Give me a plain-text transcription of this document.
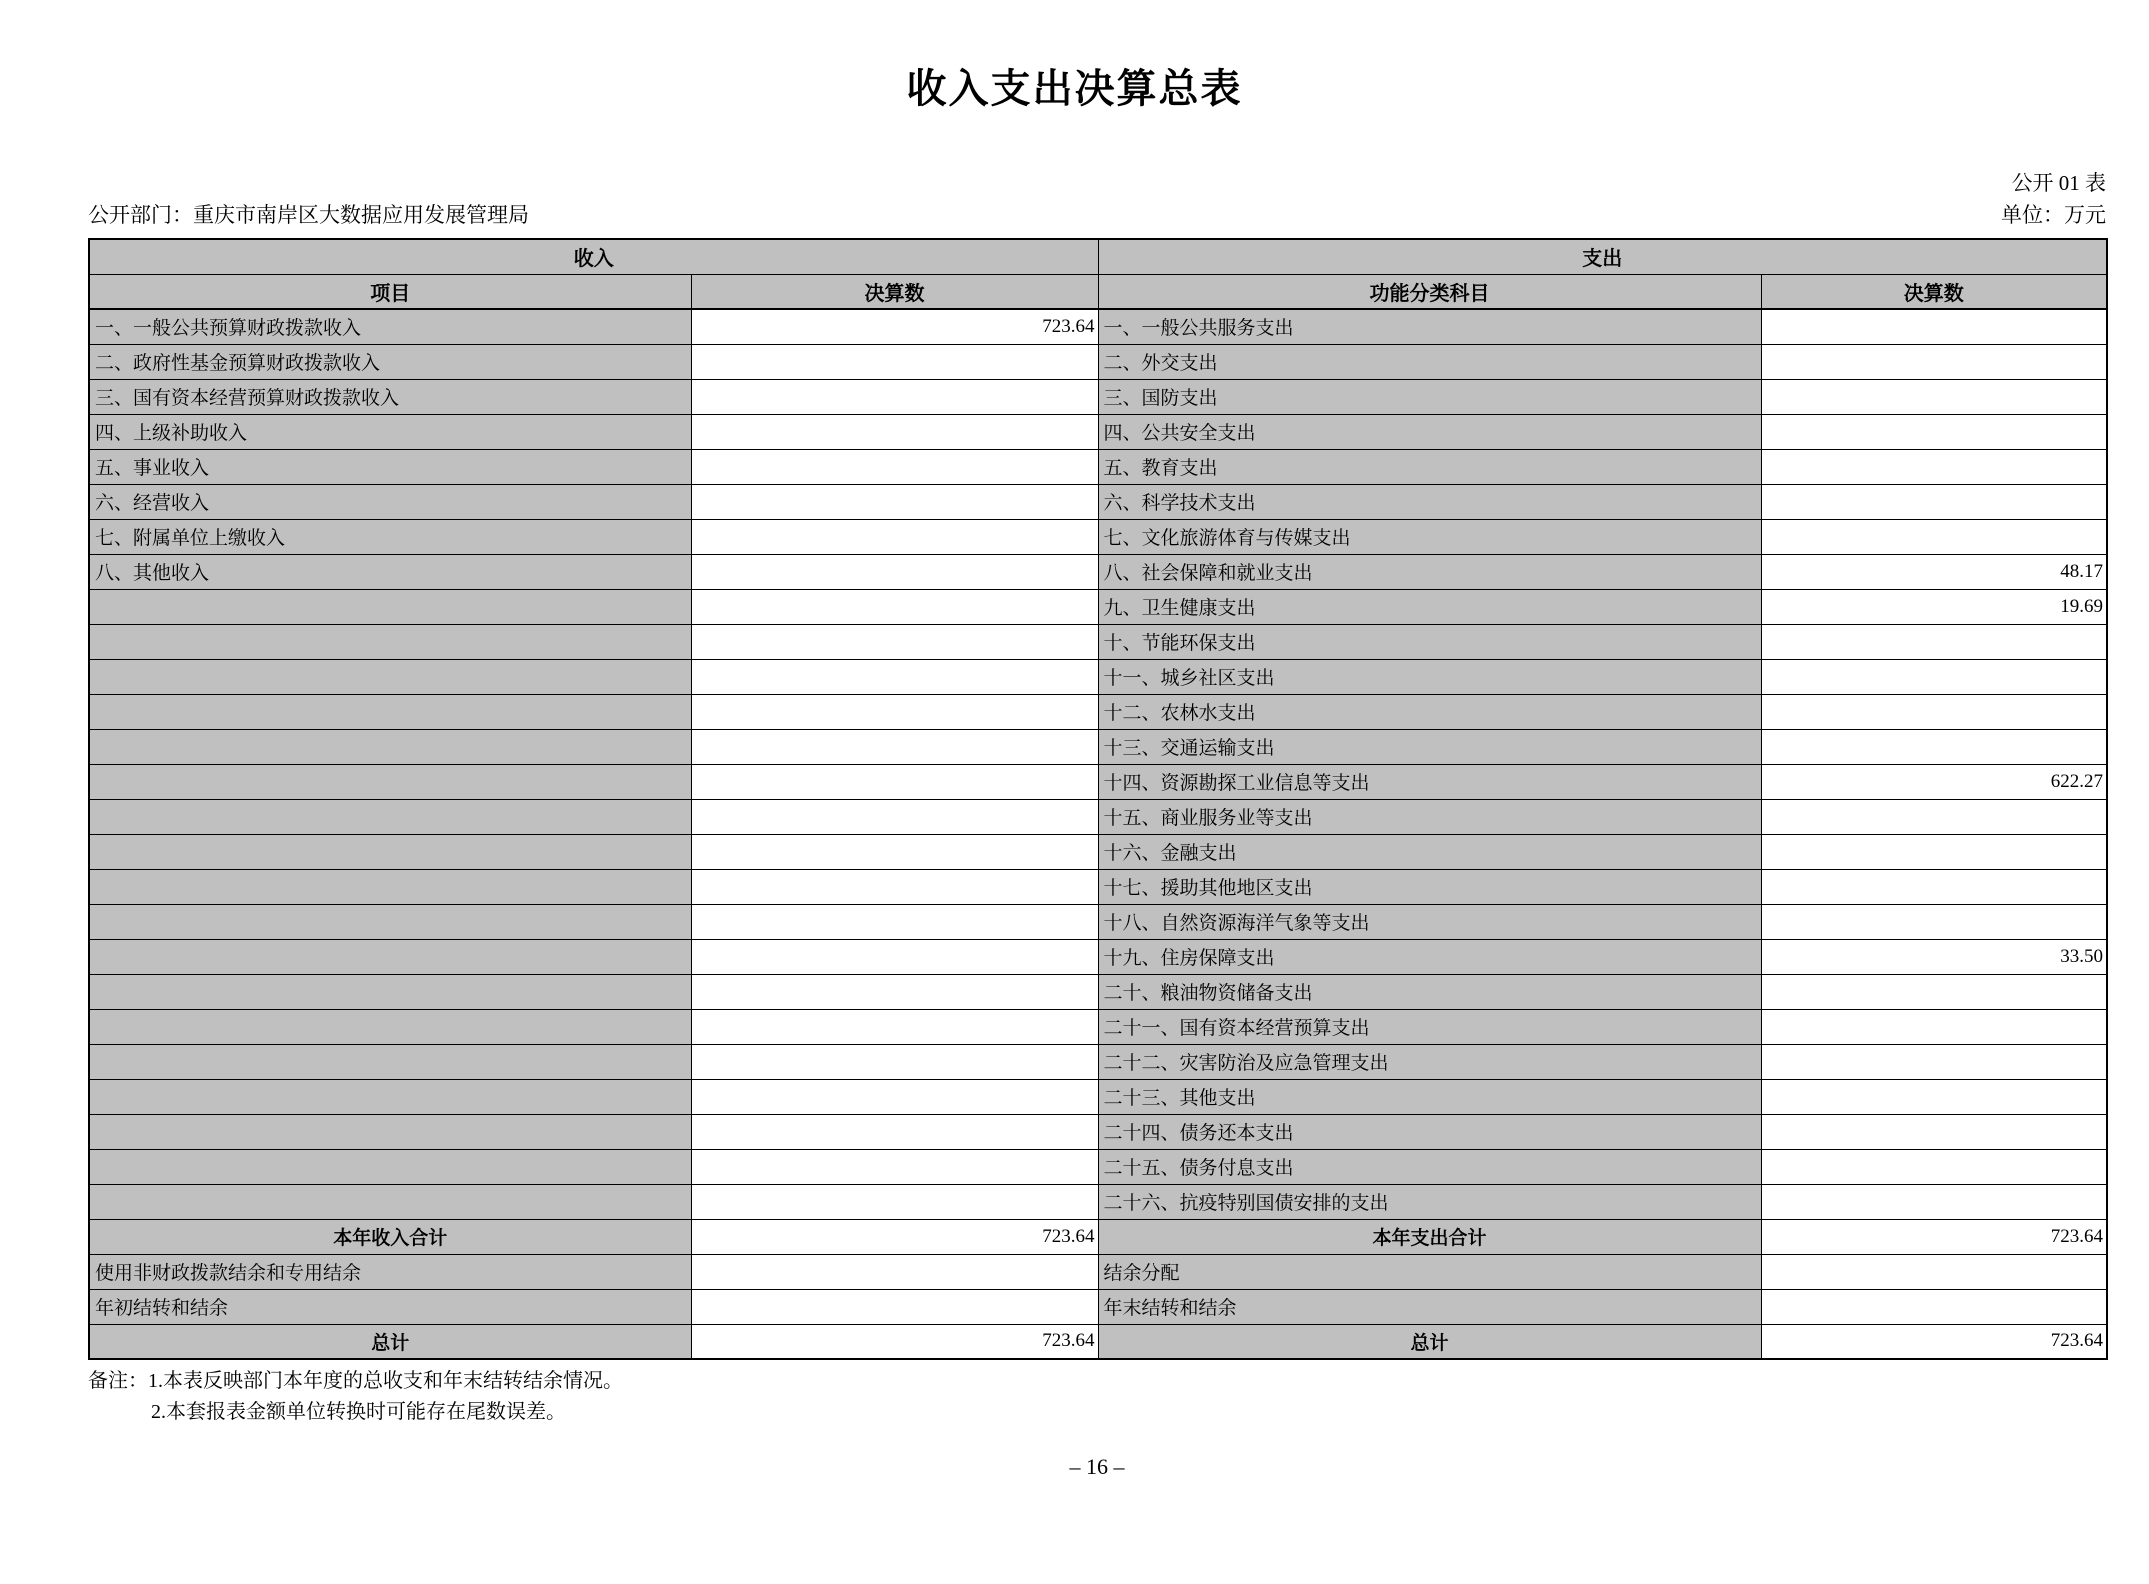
收入支出决算总表
公开 01 表
公开部门：重庆市南岸区大数据应用发展管理局	单位：万元
收入		支出	
项目	决算数	功能分类科目	决算数
一、一般公共预算财政拨款收入	723.64	一、一般公共服务支出	
二、政府性基金预算财政拨款收入		二、外交支出	
三、国有资本经营预算财政拨款收入		三、国防支出	
四、上级补助收入		四、公共安全支出	
五、事业收入		五、教育支出	
六、经营收入		六、科学技术支出	
七、附属单位上缴收入		七、文化旅游体育与传媒支出	
八、其他收入		八、社会保障和就业支出	48.17
		九、卫生健康支出	19.69
		十、节能环保支出	
		十一、城乡社区支出	
		十二、农林水支出	
		十三、交通运输支出	
		十四、资源勘探工业信息等支出	622.27
		十五、商业服务业等支出	
		十六、金融支出	
		十七、援助其他地区支出	
		十八、自然资源海洋气象等支出	
		十九、住房保障支出	33.50
		二十、粮油物资储备支出	
		二十一、国有资本经营预算支出	
		二十二、灾害防治及应急管理支出	
		二十三、其他支出	
		二十四、债务还本支出	
		二十五、债务付息支出	
		二十六、抗疫特别国债安排的支出	
本年收入合计	723.64	本年支出合计	723.64
使用非财政拨款结余和专用结余		结余分配	
年初结转和结余		年末结转和结余	
总计	723.64	总计	723.64
备注：1.本表反映部门本年度的总收支和年末结转结余情况。
2.本套报表金额单位转换时可能存在尾数误差。
– 16 –
